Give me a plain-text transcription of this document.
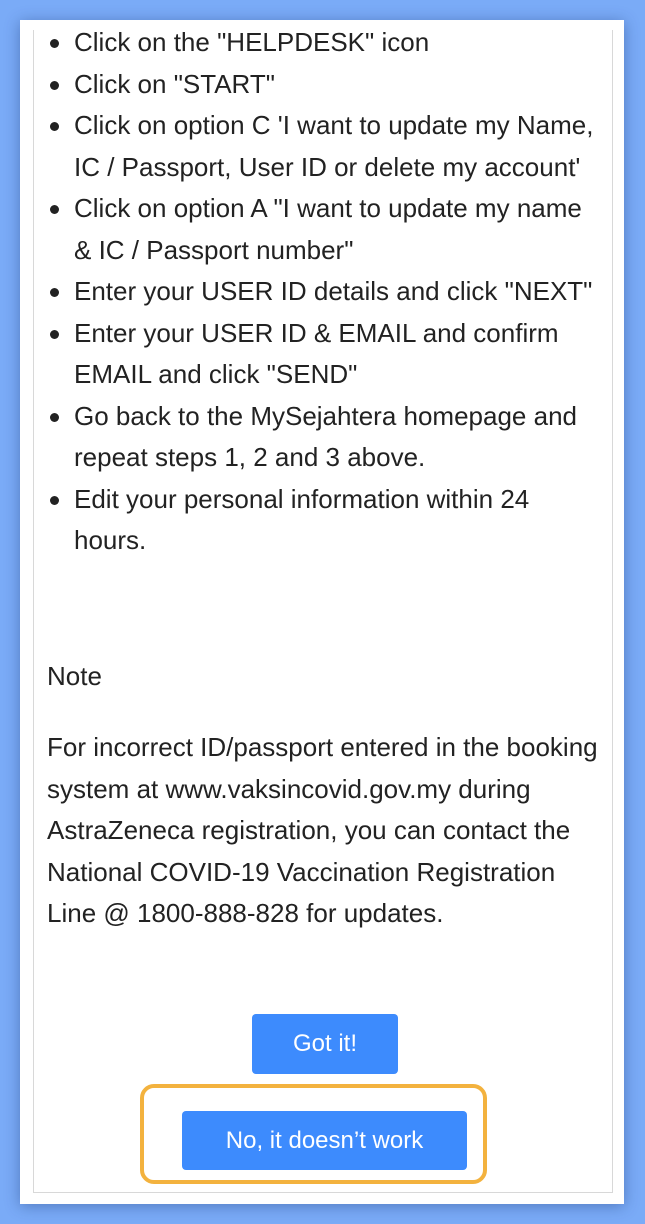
Click on the "HELPDESK" icon
Click on "START"
Click on option C 'I want to update my Name, IC / Passport, User ID or delete my account'
Click on option A "I want to update my name & IC / Passport number"
Enter your USER ID details and click "NEXT"
Enter your USER ID & EMAIL and confirm EMAIL and click "SEND"
Go back to the MySejahtera homepage and repeat steps 1, 2 and 3 above.
Edit your personal information within 24 hours.
Note
For incorrect ID/passport entered in the booking system at www.vaksincovid.gov.my during AstraZeneca registration, you can contact the National COVID-19 Vaccination Registration Line @ 1800-888-828 for updates.
Got it!
No, it doesn’t work
